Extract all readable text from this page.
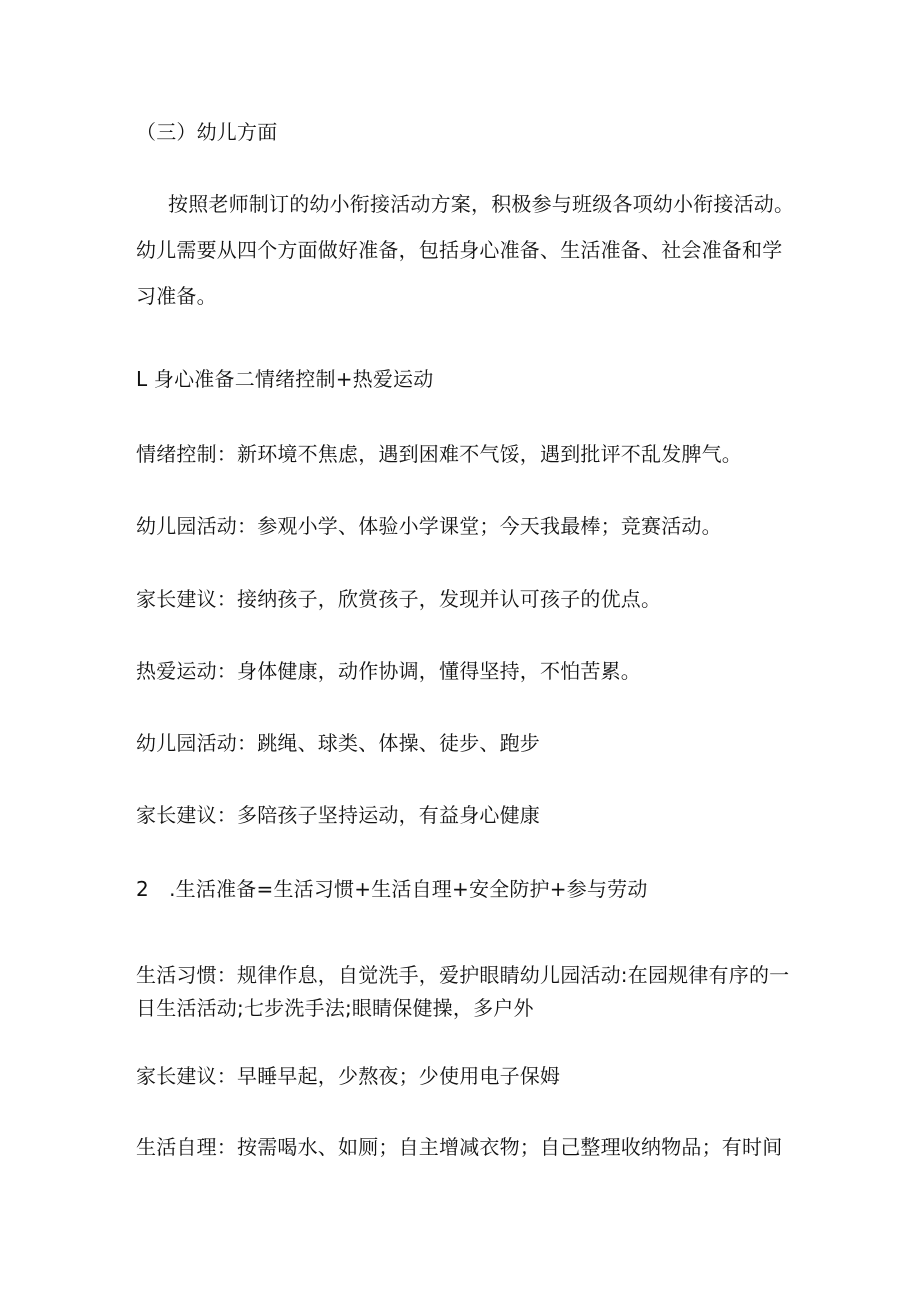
（三）幼儿方面
按照老师制订的幼小衔接活动方案，积极参与班级各项幼小衔接活动。
幼儿需要从四个方面做好准备，包括身心准备、生活准备、社会准备和学
习准备。
L 身心准备二情绪控制+热爱运动
情绪控制：新环境不焦虑，遇到困难不气馁，遇到批评不乱发脾气。
幼儿园活动：参观小学、体验小学课堂；今天我最棒；竞赛活动。
家长建议：接纳孩子，欣赏孩子，发现并认可孩子的优点。
热爱运动：身体健康，动作协调，懂得坚持，不怕苦累。
幼儿园活动：跳绳、球类、体操、徒步、跑步
家长建议：多陪孩子坚持运动，有益身心健康
2　.生活准备=生活习惯+生活自理+安全防护+参与劳动
生活习惯：规律作息，自觉洗手，爱护眼睛幼儿园活动:在园规律有序的一
日生活活动;七步洗手法;眼睛保健操，多户外
家长建议：早睡早起，少熬夜；少使用电子保姆
生活自理：按需喝水、如厕；自主增减衣物；自己整理收纳物品；有时间
